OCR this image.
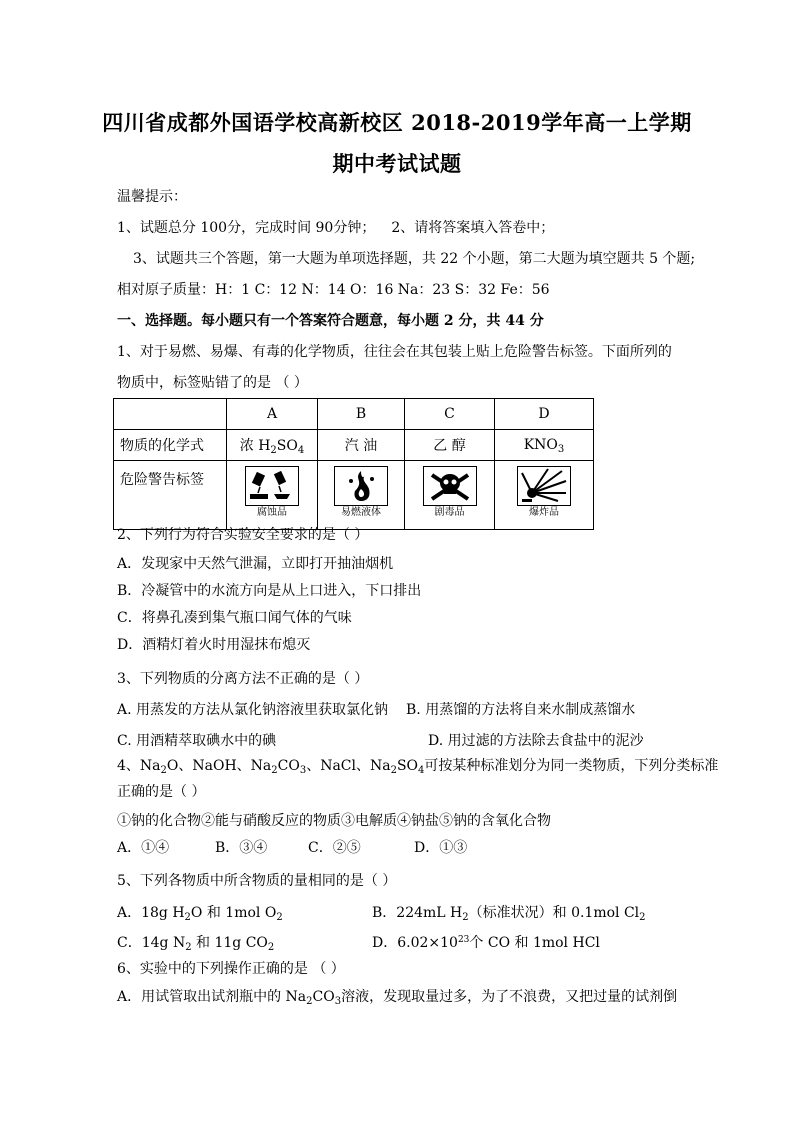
四川省成都外国语学校高新校区 2018-2019学年高一上学期
期中考试试题
温馨提示：
1、试题总分 100分，完成时间 90分钟； 2、请将答案填入答卷中；
3、试题共三个答题，第一大题为单项选择题，共 22 个小题，第二大题为填空题共 5 个题;
相对原子质量：H：1 C：12 N：14 O：16 Na：23 S：32 Fe：56
一、选择题。每小题只有一个答案符合题意，每小题 2 分，共 44 分
1、对于易燃、易爆、有毒的化学物质，往往会在其包装上贴上危险警告标签。下面所列的
物质中，标签贴错了的是 （ ）
	A	B	C	D
物质的化学式	浓 $H_2SO_4$	汽 油	乙 醇	$KNO_3$
危险警告标签	腐蚀品	易燃液体	剧毒品	爆炸品
2、下列行为符合实验安全要求的是（ ）
A．发现家中天然气泄漏，立即打开抽油烟机
B．冷凝管中的水流方向是从上口进入，下口排出
C．将鼻孔凑到集气瓶口闻气体的气味
D．酒精灯着火时用湿抹布熄灭
3、下列物质的分离方法不正确的是（ ）
A. 用蒸发的方法从氯化钠溶液里获取氯化钠 B. 用蒸馏的方法将自来水制成蒸馏水
C. 用酒精萃取碘水中的碘	D. 用过滤的方法除去食盐中的泥沙
4、$Na_2O$、NaOH、$Na_2CO_3$、NaCl、$Na_2SO_4$可按某种标准划分为同一类物质，下列分类标准
正确的是（ ）
①钠的化合物②能与硝酸反应的物质③电解质④钠盐⑤钠的含氧化合物
A．①④	B．③④	C．②⑤	D．①③
5、下列各物质中所含物质的量相同的是（ ）
A．18g $H_2O$ 和 1mol $O_2$	B．224mL $H_2$（标准状况）和 0.1mol $Cl_2$
C．14g $N_2$ 和 11g $CO_2$	D．$6.02\times 10^{23}$个 CO 和 1mol HCl
6、实验中的下列操作正确的是 （ ）
A．用试管取出试剂瓶中的 $Na_2CO_3$溶液，发现取量过多，为了不浪费，又把过量的试剂倒
